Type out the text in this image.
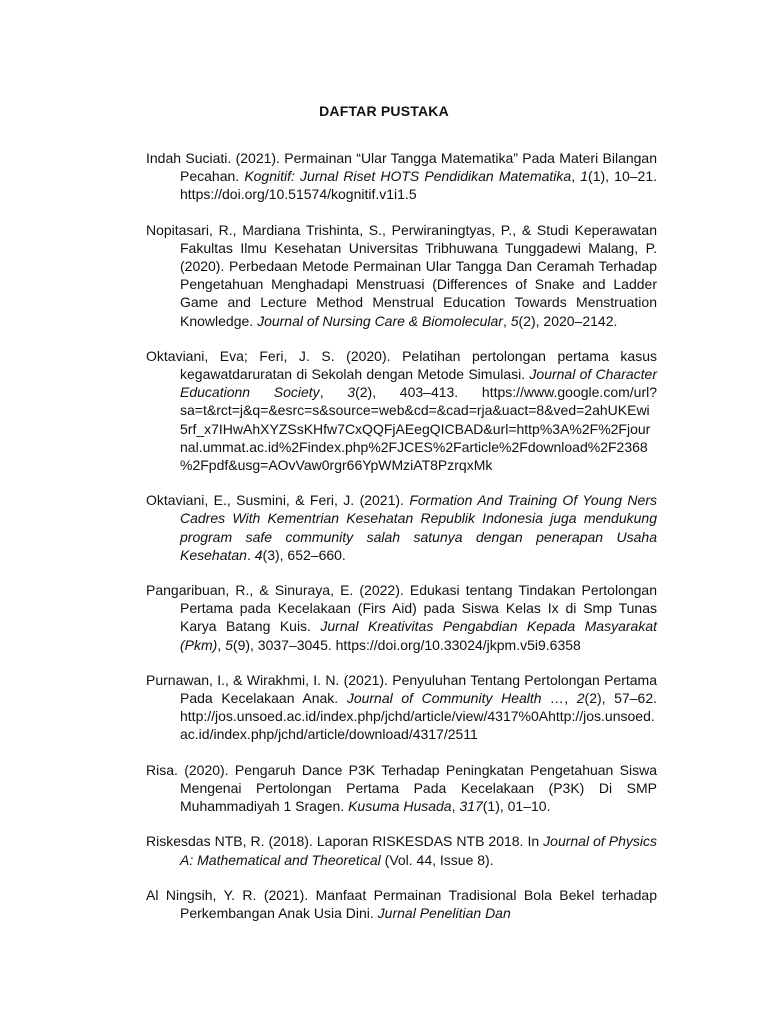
DAFTAR PUSTAKA

Indah Suciati. (2021). Permainan “Ular Tangga Matematika” Pada Materi Bilangan Pecahan. Kognitif: Jurnal Riset HOTS Pendidikan Matematika, 1(1), 10–21. https://doi.org/10.51574/kognitif.v1i1.5

Nopitasari, R., Mardiana Trishinta, S., Perwiraningtyas, P., & Studi Keperawatan Fakultas Ilmu Kesehatan Universitas Tribhuwana Tunggadewi Malang, P. (2020). Perbedaan Metode Permainan Ular Tangga Dan Ceramah Terhadap Pengetahuan Menghadapi Menstruasi (Differences of Snake and Ladder Game and Lecture Method Menstrual Education Towards Menstruation Knowledge. Journal of Nursing Care & Biomolecular, 5(2), 2020–2142.

Oktaviani, Eva; Feri, J. S. (2020). Pelatihan pertolongan pertama kasus kegawatdaruratan di Sekolah dengan Metode Simulasi. Journal of Character Educationn Society, 3(2), 403–413. https://www.google.com/url?sa=t&rct=j&q=&esrc=s&source=web&cd=&cad=rja&uact=8&ved=2ahUKEwi5rf_x7IHwAhXYZSsKHfw7CxQQFjAEegQICBAD&url=http%3A%2F%2Fjournal.ummat.ac.id%2Findex.php%2FJCES%2Farticle%2Fdownload%2F2368%2Fpdf&usg=AOvVaw0rgr66YpWMziAT8PzrqxMk

Oktaviani, E., Susmini, & Feri, J. (2021). Formation And Training Of Young Ners Cadres With Kementrian Kesehatan Republik Indonesia juga mendukung program safe community salah satunya dengan penerapan Usaha Kesehatan. 4(3), 652–660.

Pangaribuan, R., & Sinuraya, E. (2022). Edukasi tentang Tindakan Pertolongan Pertama pada Kecelakaan (Firs Aid) pada Siswa Kelas Ix di Smp Tunas Karya Batang Kuis. Jurnal Kreativitas Pengabdian Kepada Masyarakat (Pkm), 5(9), 3037–3045. https://doi.org/10.33024/jkpm.v5i9.6358

Purnawan, I., & Wirakhmi, I. N. (2021). Penyuluhan Tentang Pertolongan Pertama Pada Kecelakaan Anak. Journal of Community Health …, 2(2), 57–62. http://jos.unsoed.ac.id/index.php/jchd/article/view/4317%0Ahttp://jos.unsoed.ac.id/index.php/jchd/article/download/4317/2511

Risa. (2020). Pengaruh Dance P3K Terhadap Peningkatan Pengetahuan Siswa Mengenai Pertolongan Pertama Pada Kecelakaan (P3K) Di SMP Muhammadiyah 1 Sragen. Kusuma Husada, 317(1), 01–10.

Riskesdas NTB, R. (2018). Laporan RISKESDAS NTB 2018. In Journal of Physics A: Mathematical and Theoretical (Vol. 44, Issue 8).

Al Ningsih, Y. R. (2021). Manfaat Permainan Tradisional Bola Bekel terhadap Perkembangan Anak Usia Dini. Jurnal Penelitian Dan
